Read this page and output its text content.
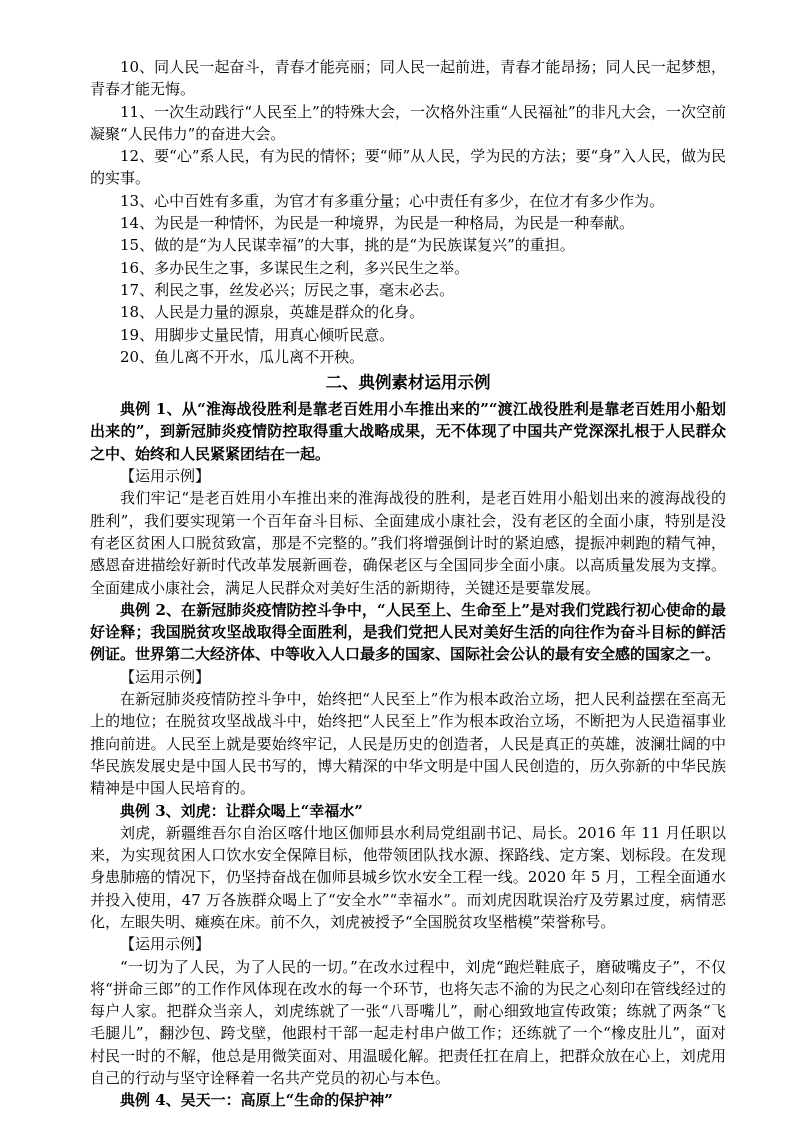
10、同人民一起奋斗，青春才能亮丽；同人民一起前进，青春才能昂扬；同人民一起梦想，青春才能无悔。

11、一次生动践行“人民至上”的特殊大会，一次格外注重“人民福祉”的非凡大会，一次空前凝聚“人民伟力”的奋进大会。

12、要“心”系人民，有为民的情怀；要“师”从人民，学为民的方法；要“身”入人民，做为民的实事。

13、心中百姓有多重，为官才有多重分量；心中责任有多少，在位才有多少作为。

14、为民是一种情怀，为民是一种境界，为民是一种格局，为民是一种奉献。

15、做的是“为人民谋幸福”的大事，挑的是“为民族谋复兴”的重担。

16、多办民生之事，多谋民生之利，多兴民生之举。

17、利民之事，丝发必兴；厉民之事，毫末必去。

18、人民是力量的源泉，英雄是群众的化身。

19、用脚步丈量民情，用真心倾听民意。

20、鱼儿离不开水，瓜儿离不开秧。

二、典例素材运用示例

典例 1、从“淮海战役胜利是靠老百姓用小车推出来的”“渡江战役胜利是靠老百姓用小船划出来的”，到新冠肺炎疫情防控取得重大战略成果，无不体现了中国共产党深深扎根于人民群众之中、始终和人民紧紧团结在一起。

【运用示例】

我们牢记“是老百姓用小车推出来的淮海战役的胜利，是老百姓用小船划出来的渡海战役的胜利”，我们要实现第一个百年奋斗目标、全面建成小康社会，没有老区的全面小康，特别是没有老区贫困人口脱贫致富，那是不完整的。”我们将增强倒计时的紧迫感，提振冲刺跑的精气神，感恩奋进描绘好新时代改革发展新画卷，确保老区与全国同步全面小康。以高质量发展为支撑。全面建成小康社会，满足人民群众对美好生活的新期待，关键还是要靠发展。

典例 2、在新冠肺炎疫情防控斗争中，“人民至上、生命至上”是对我们党践行初心使命的最好诠释；我国脱贫攻坚战取得全面胜利，是我们党把人民对美好生活的向往作为奋斗目标的鲜活例证。世界第二大经济体、中等收入人口最多的国家、国际社会公认的最有安全感的国家之一。

【运用示例】

在新冠肺炎疫情防控斗争中，始终把“人民至上”作为根本政治立场，把人民利益摆在至高无上的地位；在脱贫攻坚战战斗中，始终把“人民至上”作为根本政治立场，不断把为人民造福事业推向前进。人民至上就是要始终牢记，人民是历史的创造者，人民是真正的英雄，波澜壮阔的中华民族发展史是中国人民书写的，博大精深的中华文明是中国人民创造的，历久弥新的中华民族精神是中国人民培育的。

典例 3、刘虎：让群众喝上“幸福水”

刘虎，新疆维吾尔自治区喀什地区伽师县水利局党组副书记、局长。2016 年 11 月任职以来，为实现贫困人口饮水安全保障目标，他带领团队找水源、探路线、定方案、划标段。在发现身患肺癌的情况下，仍坚持奋战在伽师县城乡饮水安全工程一线。2020 年 5 月，工程全面通水并投入使用，47 万各族群众喝上了“安全水”“幸福水”。而刘虎因耽误治疗及劳累过度，病情恶化，左眼失明、瘫痪在床。前不久，刘虎被授予“全国脱贫攻坚楷模”荣誉称号。

【运用示例】

“一切为了人民，为了人民的一切。”在改水过程中，刘虎“跑烂鞋底子，磨破嘴皮子”，不仅将“拼命三郎”的工作作风体现在改水的每一个环节，也将矢志不渝的为民之心刻印在管线经过的每户人家。把群众当亲人，刘虎练就了一张“八哥嘴儿”，耐心细致地宣传政策；练就了两条“飞毛腿儿”，翻沙包、跨戈壁，他跟村干部一起走村串户做工作；还练就了一个“橡皮肚儿”，面对村民一时的不解，他总是用微笑面对、用温暖化解。把责任扛在肩上，把群众放在心上，刘虎用自己的行动与坚守诠释着一名共产党员的初心与本色。

典例 4、吴天一：高原上“生命的保护神”
